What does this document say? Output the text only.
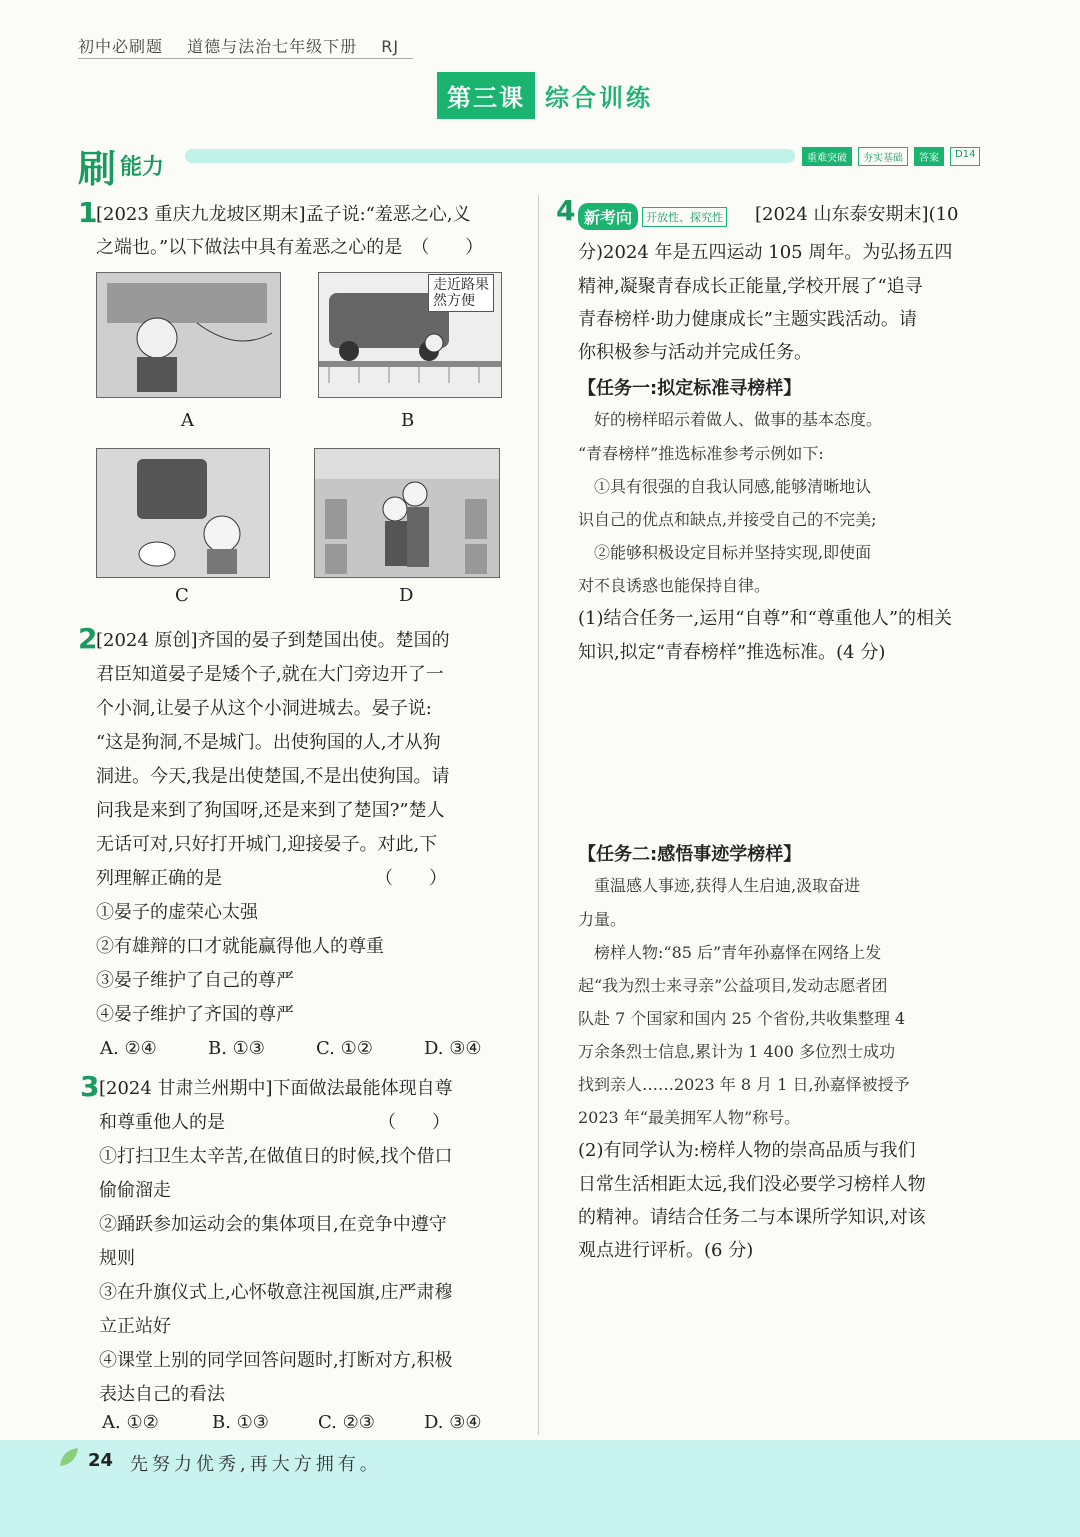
初中必刷题 道德与法治七年级下册 RJ
第三课 综合训练
刷 能力	重难突破	夯实基础	答案	D14
1
[2023 重庆九龙坡区期末]孟子说:“羞恶之心,义
之端也。”以下做法中具有羞恶之心的是　（　　）
A
走近路果
然方便
B
C	D
2
[2024 原创]齐国的晏子到楚国出使。楚国的
君臣知道晏子是矮个子,就在大门旁边开了一
个小洞,让晏子从这个小洞进城去。晏子说:
“这是狗洞,不是城门。出使狗国的人,才从狗
洞进。今天,我是出使楚国,不是出使狗国。请
问我是来到了狗国呀,还是来到了楚国?”楚人
无话可对,只好打开城门,迎接晏子。对此,下
列理解正确的是　　　　　　　　　（　　）
①晏子的虚荣心太强
②有雄辩的口才就能赢得他人的尊重
③晏子维护了自己的尊严
④晏子维护了齐国的尊严
A. ②④	B. ①③	C. ①②	D. ③④
3 [2024 甘肃兰州期中]下面做法最能体现自尊
和尊重他人的是　　　　　　　　　（　　）
①打扫卫生太辛苦,在做值日的时候,找个借口
偷偷溜走
②踊跃参加运动会的集体项目,在竞争中遵守
规则
③在升旗仪式上,心怀敬意注视国旗,庄严肃穆
立正站好
④课堂上别的同学回答问题时,打断对方,积极
表达自己的看法
A. ①②	B. ①③	C. ②③	D. ③④
4 新考向	开放性、探究性 [2024 山东泰安期末](10
分)2024 年是五四运动 105 周年。为弘扬五四
精神,凝聚青春成长正能量,学校开展了“追寻
青春榜样·助力健康成长”主题实践活动。请
你积极参与活动并完成任务。
【任务一:拟定标准寻榜样】
　好的榜样昭示着做人、做事的基本态度。
“青春榜样”推选标准参考示例如下:
　①具有很强的自我认同感,能够清晰地认
识自己的优点和缺点,并接受自己的不完美;
　②能够积极设定目标并坚持实现,即使面
对不良诱惑也能保持自律。
(1)结合任务一,运用“自尊”和“尊重他人”的相关
知识,拟定“青春榜样”推选标准。(4 分)
【任务二:感悟事迹学榜样】
　重温感人事迹,获得人生启迪,汲取奋进
力量。
　榜样人物:“85 后”青年孙嘉怿在网络上发
起“我为烈士来寻亲”公益项目,发动志愿者团
队赴 7 个国家和国内 25 个省份,共收集整理 4
万余条烈士信息,累计为 1 400 多位烈士成功
找到亲人……2023 年 8 月 1 日,孙嘉怿被授予
2023 年“最美拥军人物”称号。
(2)有同学认为:榜样人物的崇高品质与我们
日常生活相距太远,我们没必要学习榜样人物
的精神。请结合任务二与本课所学知识,对该
观点进行评析。(6 分)
24 先努力优秀,再大方拥有。
